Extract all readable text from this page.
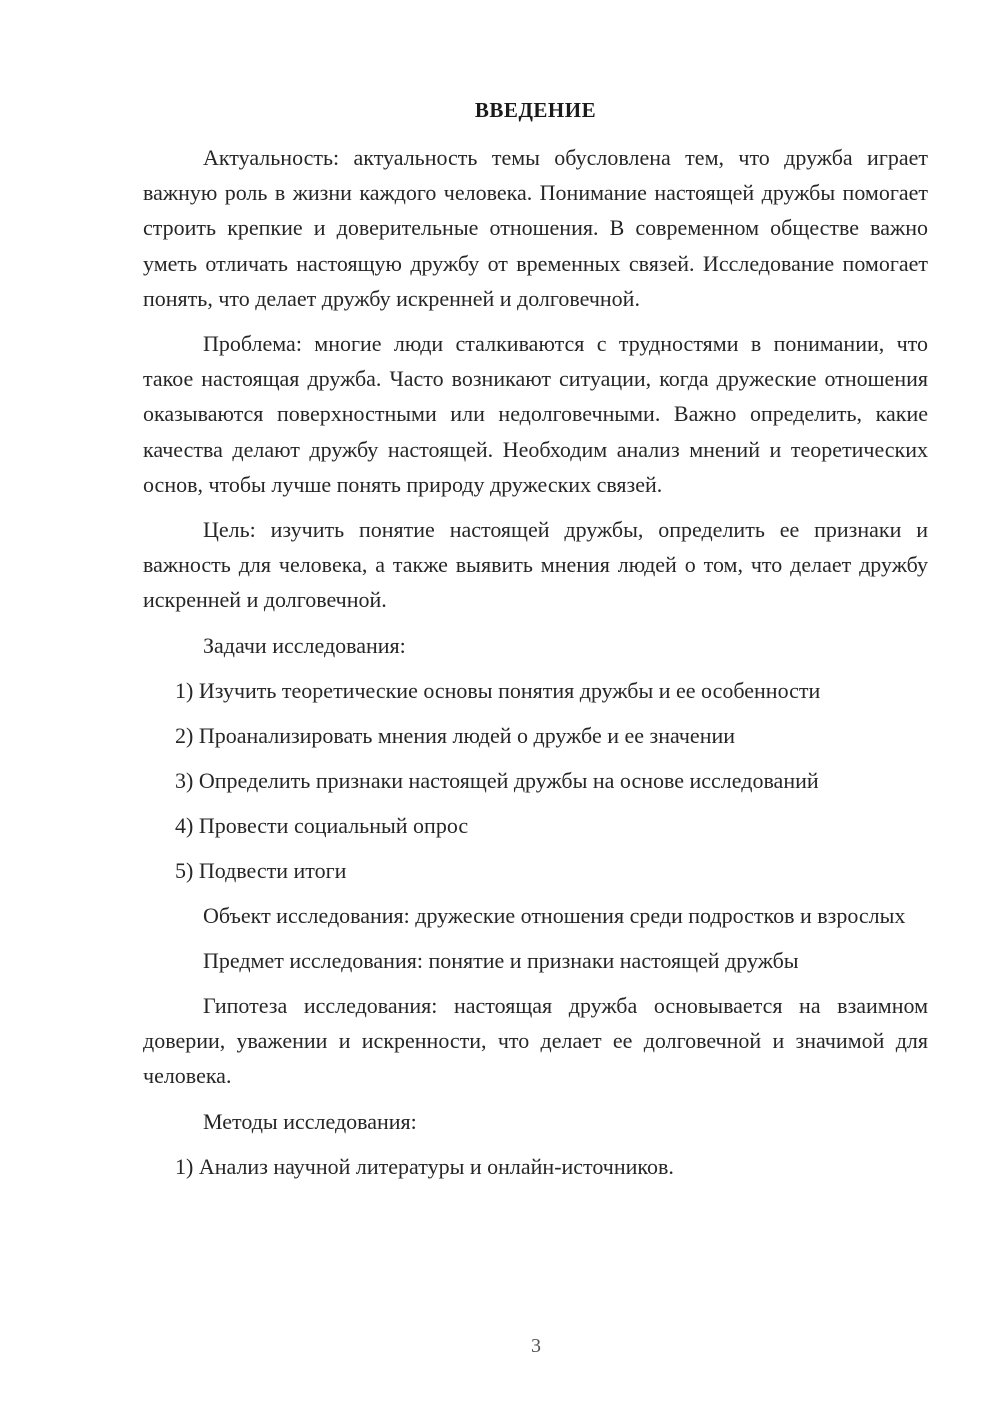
ВВЕДЕНИЕ

Актуальность: актуальность темы обусловлена тем, что дружба играет важную роль в жизни каждого человека. Понимание настоящей дружбы помогает строить крепкие и доверительные отношения. В современном обществе важно уметь отличать настоящую дружбу от временных связей. Исследование помогает понять, что делает дружбу искренней и долговечной.

Проблема: многие люди сталкиваются с трудностями в понимании, что такое настоящая дружба. Часто возникают ситуации, когда дружеские отношения оказываются поверхностными или недолговечными. Важно определить, какие качества делают дружбу настоящей. Необходим анализ мнений и теоретических основ, чтобы лучше понять природу дружеских связей.

Цель: изучить понятие настоящей дружбы, определить ее признаки и важность для человека, а также выявить мнения людей о том, что делает дружбу искренней и долговечной.

Задачи исследования:
1) Изучить теоретические основы понятия дружбы и ее особенности
2) Проанализировать мнения людей о дружбе и ее значении
3) Определить признаки настоящей дружбы на основе исследований
4) Провести социальный опрос
5) Подвести итоги

Объект исследования: дружеские отношения среди подростков и взрослых

Предмет исследования: понятие и признаки настоящей дружбы

Гипотеза исследования: настоящая дружба основывается на взаимном доверии, уважении и искренности, что делает ее долговечной и значимой для человека.

Методы исследования:
1) Анализ научной литературы и онлайн-источников.
3
